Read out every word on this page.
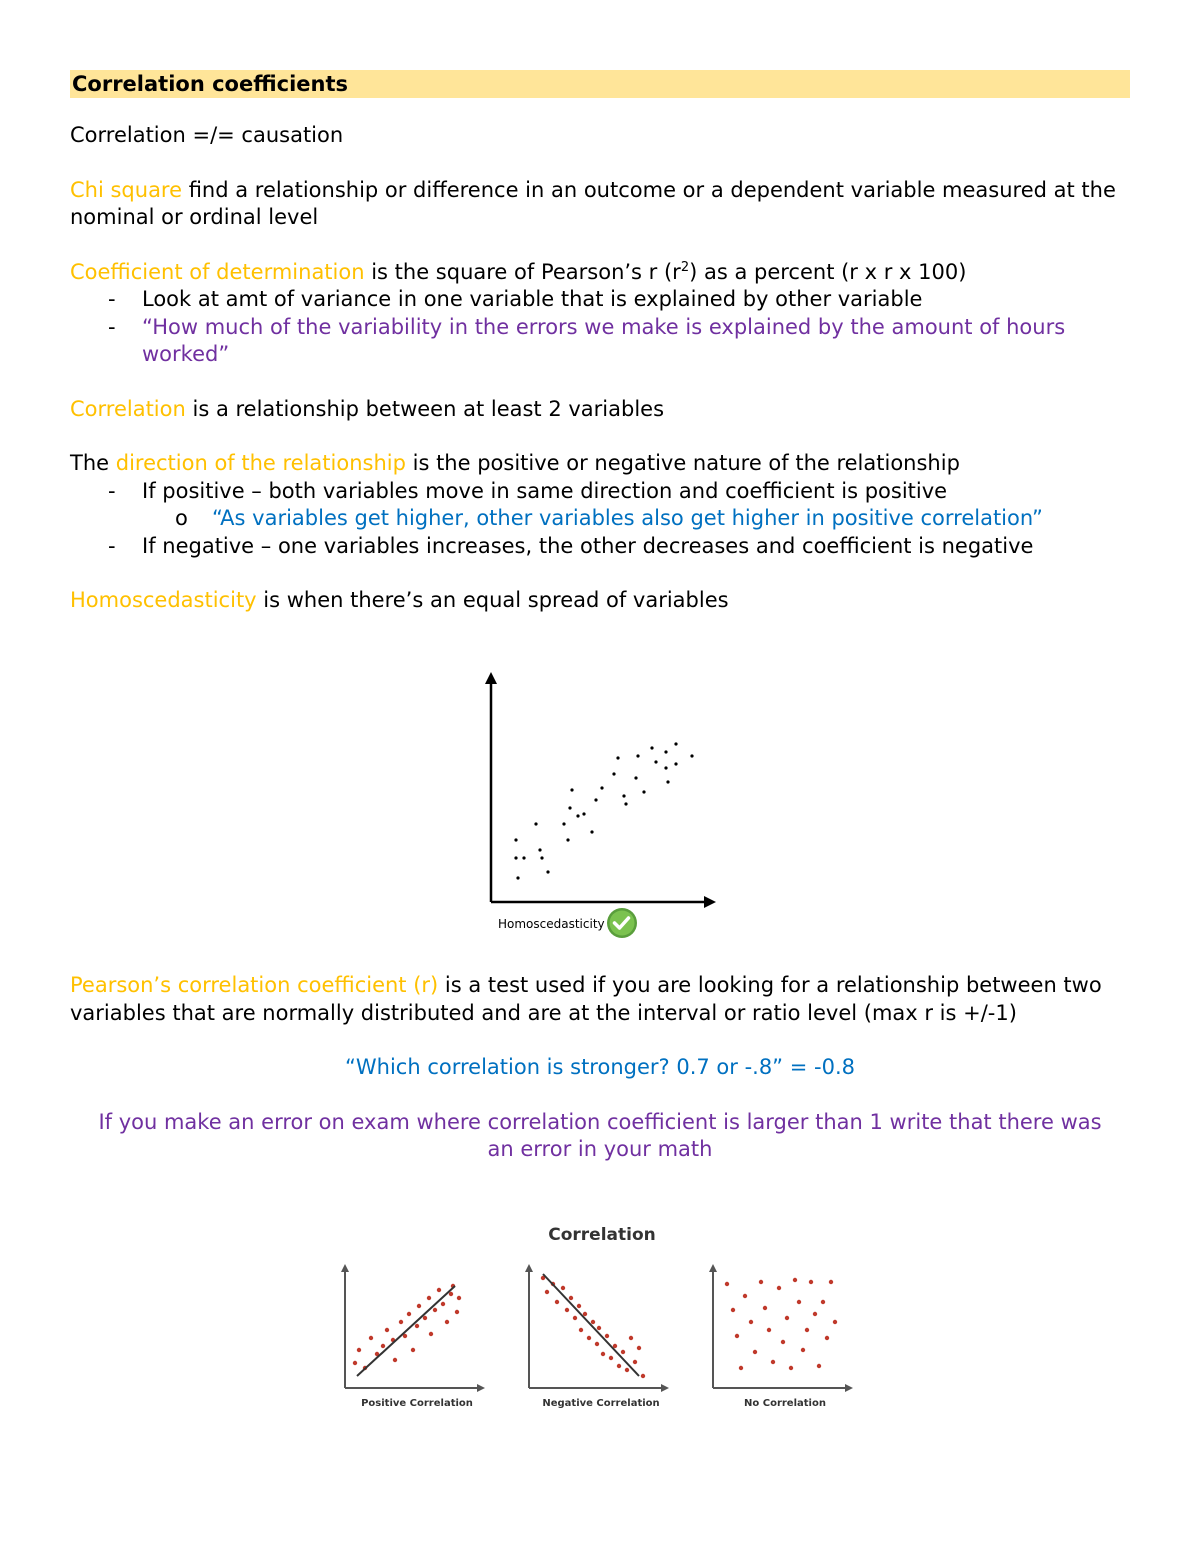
Correlation coefficients
Correlation =/= causation
Chi square find a relationship or difference in an outcome or a dependent variable measured at the nominal or ordinal level
Coefficient of determination is the square of Pearson’s r $(r^2)$ as a percent (r x r x 100)
- Look at amt of variance in one variable that is explained by other variable
- “How much of the variability in the errors we make is explained by the amount of hours worked”
Correlation is a relationship between at least 2 variables
The direction of the relationship is the positive or negative nature of the relationship
- If positive – both variables move in same direction and coefficient is positive
o “As variables get higher, other variables also get higher in positive correlation”
- If negative – one variables increases, the other decreases and coefficient is negative
Homoscedasticity is when there’s an equal spread of variables
Homoscedasticity
Pearson’s correlation coefficient (r) is a test used if you are looking for a relationship between two variables that are normally distributed and are at the interval or ratio level (max r is +/-1)
“Which correlation is stronger? 0.7 or -.8” = -0.8
If you make an error on exam where correlation coefficient is larger than 1 write that there was an error in your math
Correlation
Positive Correlation	Negative Correlation	No Correlation
